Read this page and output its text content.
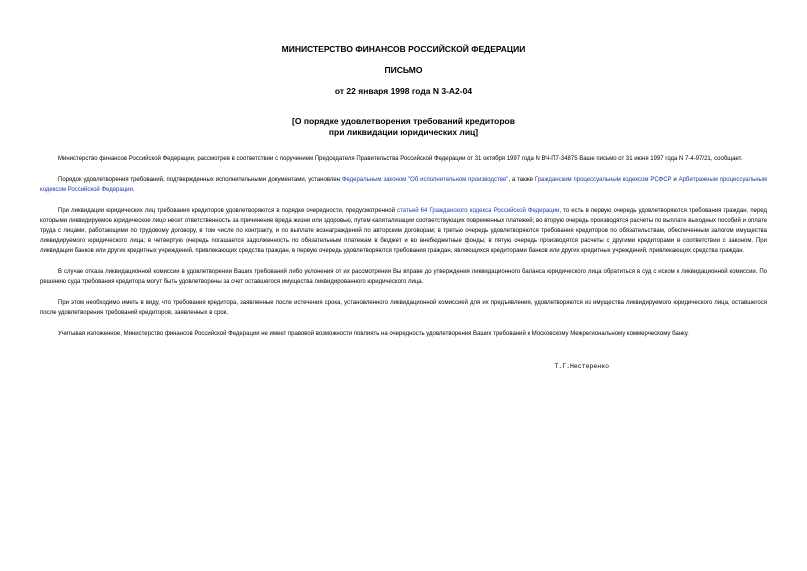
МИНИСТЕРСТВО ФИНАНСОВ РОССИЙСКОЙ ФЕДЕРАЦИИ
ПИСЬМО
от 22 января 1998 года N 3-А2-04
[О порядке удовлетворения требований кредиторов
при ликвидации юридических лиц]

Министерство финансов Российской Федерации, рассмотрев в соответствии с поручением Председателя Правительства Российской Федерации от 31 октября 1997 года N ВЧ-П7-34875 Ваше письмо от 31 июня 1997 года N 7-4-97/21, сообщает.

Порядок удовлетворения требований, подтвержденных исполнительными документами, установлен Федеральным законом "Об исполнительном производстве", а также Гражданским процессуальным кодексом РСФСР и Арбитражным процессуальным кодексом Российской Федерации.

При ликвидации юридических лиц требования кредиторов удовлетворяются в порядке очередности, предусмотренной статьей 64 Гражданского кодекса Российской Федерации, то есть в первую очередь удовлетворяются требования граждан, перед которыми ликвидируемое юридическое лицо несет ответственность за причинение вреда жизни или здоровью, путем капитализации соответствующих повременных платежей; во вторую очередь производятся расчеты по выплате выходных пособий и оплате труда с лицами, работающими по трудовому договору, в том числе по контракту, и по выплате вознаграждений по авторским договорам; в третью очередь удовлетворяются требования кредиторов по обязательствам, обеспеченным залогом имущества ликвидируемого юридического лица; в четвертую очередь погашается задолженность по обязательным платежам в бюджет и во внебюджетные фонды; в пятую очередь производятся расчеты с другими кредиторами в соответствии с законом. При ликвидации банков или других кредитных учреждений, привлекающих средства граждан, в первую очередь удовлетворяются требования граждан, являющихся кредиторами банков или других кредитных учреждений, привлекающих средства граждан.

В случае отказа ликвидационной комиссии в удовлетворении Ваших требований либо уклонения от их рассмотрения Вы вправе до утверждения ликвидационного баланса юридического лица обратиться в суд с иском к ликвидационной комиссии. По решению суда требования кредитора могут быть удовлетворены за счет оставшегося имущества ликвидированного юридического лица.

При этом необходимо иметь в виду, что требования кредитора, заявленные после истечения срока, установленного ликвидационной комиссией для их предъявления, удовлетворяются из имущества ликвидируемого юридического лица, оставшегося после удовлетворения требований кредиторов, заявленных в срок.

Учитывая изложенное, Министерство финансов Российской Федерации не имеет правовой возможности повлиять на очередность удовлетворения Ваших требований к Московскому Межрегиональному коммерческому банку.

Т.Г.Нестеренко
